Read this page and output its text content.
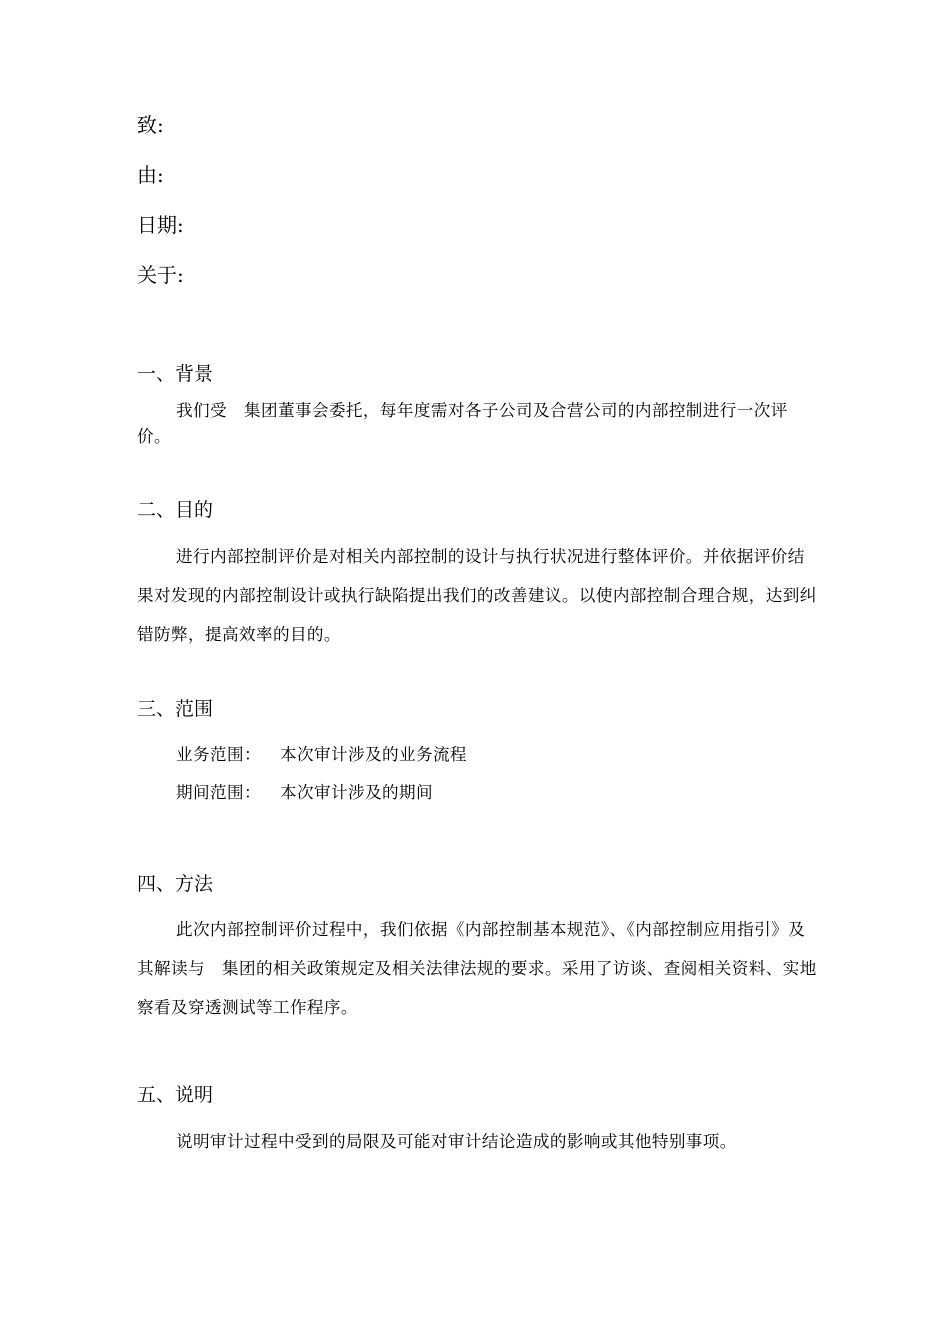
致:
由:
日期:
关于:
一、背景
我们受　集团董事会委托，每年度需对各子公司及合营公司的内部控制进行一次评价。
二、目的
进行内部控制评价是对相关内部控制的设计与执行状况进行整体评价。并依据评价结果对发现的内部控制设计或执行缺陷提出我们的改善建议。以使内部控制合理合规，达到纠错防弊，提高效率的目的。
三、范围
业务范围： 本次审计涉及的业务流程
期间范围： 本次审计涉及的期间
四、方法
此次内部控制评价过程中，我们依据《内部控制基本规范》、《内部控制应用指引》及其解读与　集团的相关政策规定及相关法律法规的要求。采用了访谈、查阅相关资料、实地察看及穿透测试等工作程序。
五、说明
说明审计过程中受到的局限及可能对审计结论造成的影响或其他特别事项。
